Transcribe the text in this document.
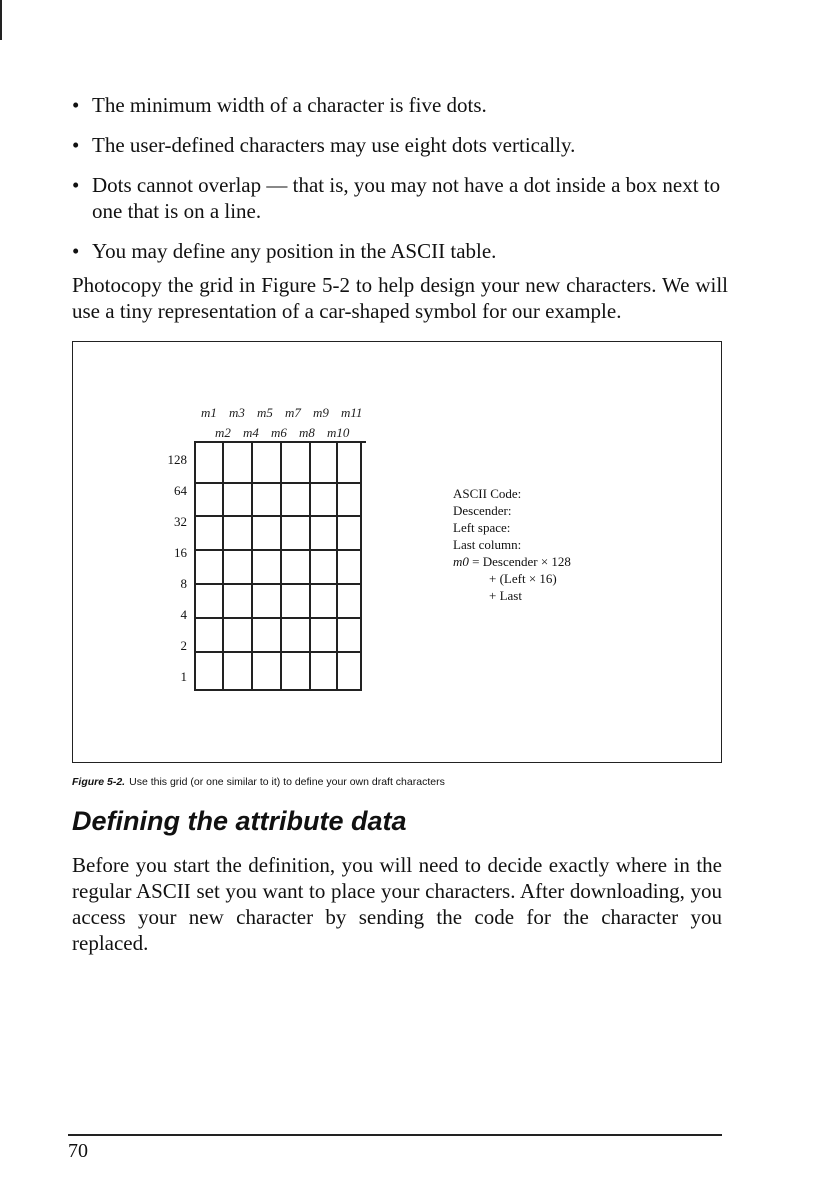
• The minimum width of a character is five dots.
• The user-defined characters may use eight dots vertically.
• Dots cannot overlap — that is, you may not have a dot inside a box next to one that is on a line.
• You may define any position in the ASCII table.

Photocopy the grid in Figure 5-2 to help design your new characters. We will use a tiny representation of a car-shaped symbol for our example.

m1 m3 m5 m7 m9 m11
m2 m4 m6 m8 m10
128
64
32
16
8
4
2
1
ASCII Code:
Descender:
Left space:
Last column:
m0 = Descender × 128
+ (Left × 16)
+ Last
Figure 5-2. Use this grid (or one similar to it) to define your own draft characters
Defining the attribute data

Before you start the definition, you will need to decide exactly where in the regular ASCII set you want to place your characters. After downloading, you access your new character by sending the code for the character you replaced.

70
